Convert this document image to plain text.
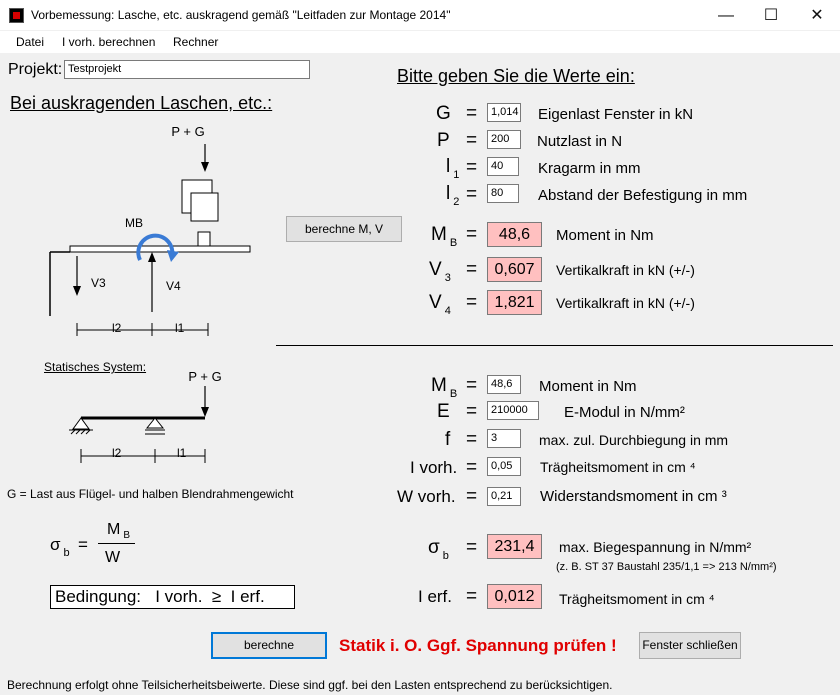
Vorbemessung: Lasche, etc. auskragend gemäß "Leitfaden zur Montage 2014"	—	☐	✕
Datei I vorh. berechnen Rechner
Projekt: Testprojekt
Bei auskragenden Laschen, etc.:
P + G
MB
V3	V4
l2	l1
Statisches System:
P + G
l2	l1
G = Last aus Flügel- und halben Blendrahmengewicht
σ $_b$ =
M $_B$
W
Bedingung:   I vorh.  ≥  I erf.
Bitte geben Sie die Werte ein:
G =	1,014 Eigenlast Fenster in kN
P =	200	Nutzlast in N
l $_1$ =	40	Kragarm in mm
l $_2$ =	80	Abstand der Befestigung in mm
berechne M, V	M $_B$ =	48,6	Moment in Nm
V $_3$ =	0,607	Vertikalkraft in kN (+/-)
V $_4$ =	1,821	Vertikalkraft in kN (+/-)
M $_B$ =	48,6	Moment in Nm
E =	210000	E-Modul in N/mm²
f =	3	max. zul. Durchbiegung in mm
I vorh. =	0,05	Trägheitsmoment in cm ⁴
W vorh. =	0,21	Widerstandsmoment in cm ³
σ $_b$ =	231,4	max. Biegespannung in N/mm²
(z. B. ST 37 Baustahl 235/1,1 => 213 N/mm²)
I erf. =	0,012	Trägheitsmoment in cm ⁴
berechne	Statik i. O. Ggf. Spannung prüfen ! Fenster schließen
Berechnung erfolgt ohne Teilsicherheitsbeiwerte. Diese sind ggf. bei den Lasten entsprechend zu berücksichtigen.
